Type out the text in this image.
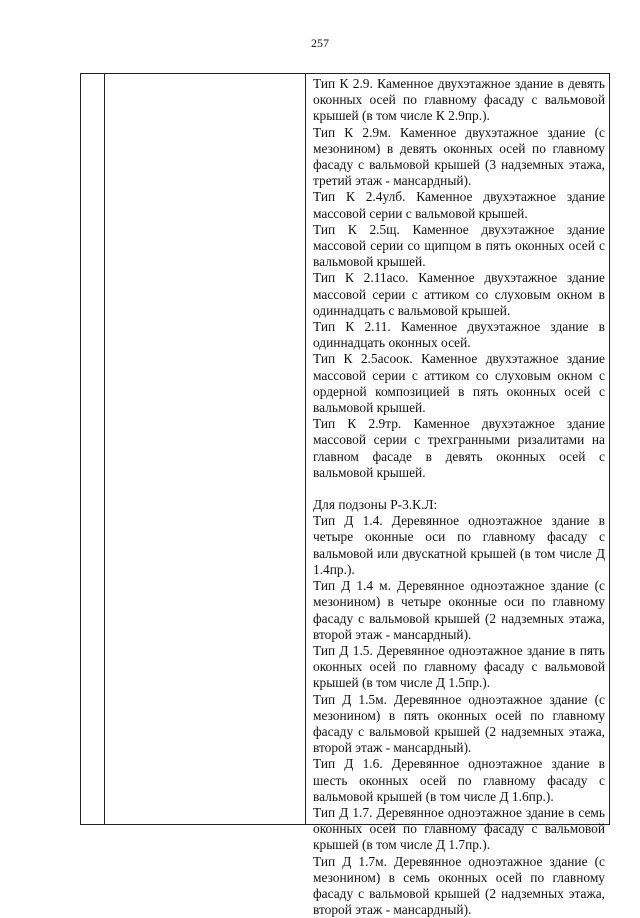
257

Тип К 2.9. Каменное двухэтажное здание в девять оконных осей по главному фасаду с вальмовой крышей (в том числе К 2.9пр.).

Тип К 2.9м. Каменное двухэтажное здание (с мезонином) в девять оконных осей по главному фасаду с вальмовой крышей (3 надземных этажа, третий этаж - мансардный).

Тип К 2.4улб. Каменное двухэтажное здание массовой серии с вальмовой крышей.

Тип К 2.5щ. Каменное двухэтажное здание массовой серии со щипцом в пять оконных осей с вальмовой крышей.

Тип К 2.11асо. Каменное двухэтажное здание массовой серии с аттиком со слуховым окном в одиннадцать с вальмовой крышей.

Тип К 2.11. Каменное двухэтажное здание в одиннадцать оконных осей.

Тип К 2.5асоок. Каменное двухэтажное здание массовой серии с аттиком со слуховым окном с ордерной композицией в пять оконных осей с вальмовой крышей.

Тип К 2.9тр. Каменное двухэтажное здание массовой серии с трехгранными ризалитами на главном фасаде в девять оконных осей с вальмовой крышей.

Для подзоны Р-3.К.Л:

Тип Д 1.4. Деревянное одноэтажное здание в четыре оконные оси по главному фасаду с вальмовой или двускатной крышей (в том числе Д 1.4пр.).

Тип Д 1.4 м. Деревянное одноэтажное здание (с мезонином) в четыре оконные оси по главному фасаду с вальмовой крышей (2 надземных этажа, второй этаж - мансардный).

Тип Д 1.5. Деревянное одноэтажное здание в пять оконных осей по главному фасаду с вальмовой крышей (в том числе Д 1.5пр.).

Тип Д 1.5м. Деревянное одноэтажное здание (с мезонином) в пять оконных осей по главному фасаду с вальмовой крышей (2 надземных этажа, второй этаж - мансардный).

Тип Д 1.6. Деревянное одноэтажное здание в шесть оконных осей по главному фасаду с вальмовой крышей (в том числе Д 1.6пр.).

Тип Д 1.7. Деревянное одноэтажное здание в семь оконных осей по главному фасаду с вальмовой крышей (в том числе Д 1.7пр.).

Тип Д 1.7м. Деревянное одноэтажное здание (с мезонином) в семь оконных осей по главному фасаду с вальмовой крышей (2 надземных этажа, второй этаж - мансардный).
